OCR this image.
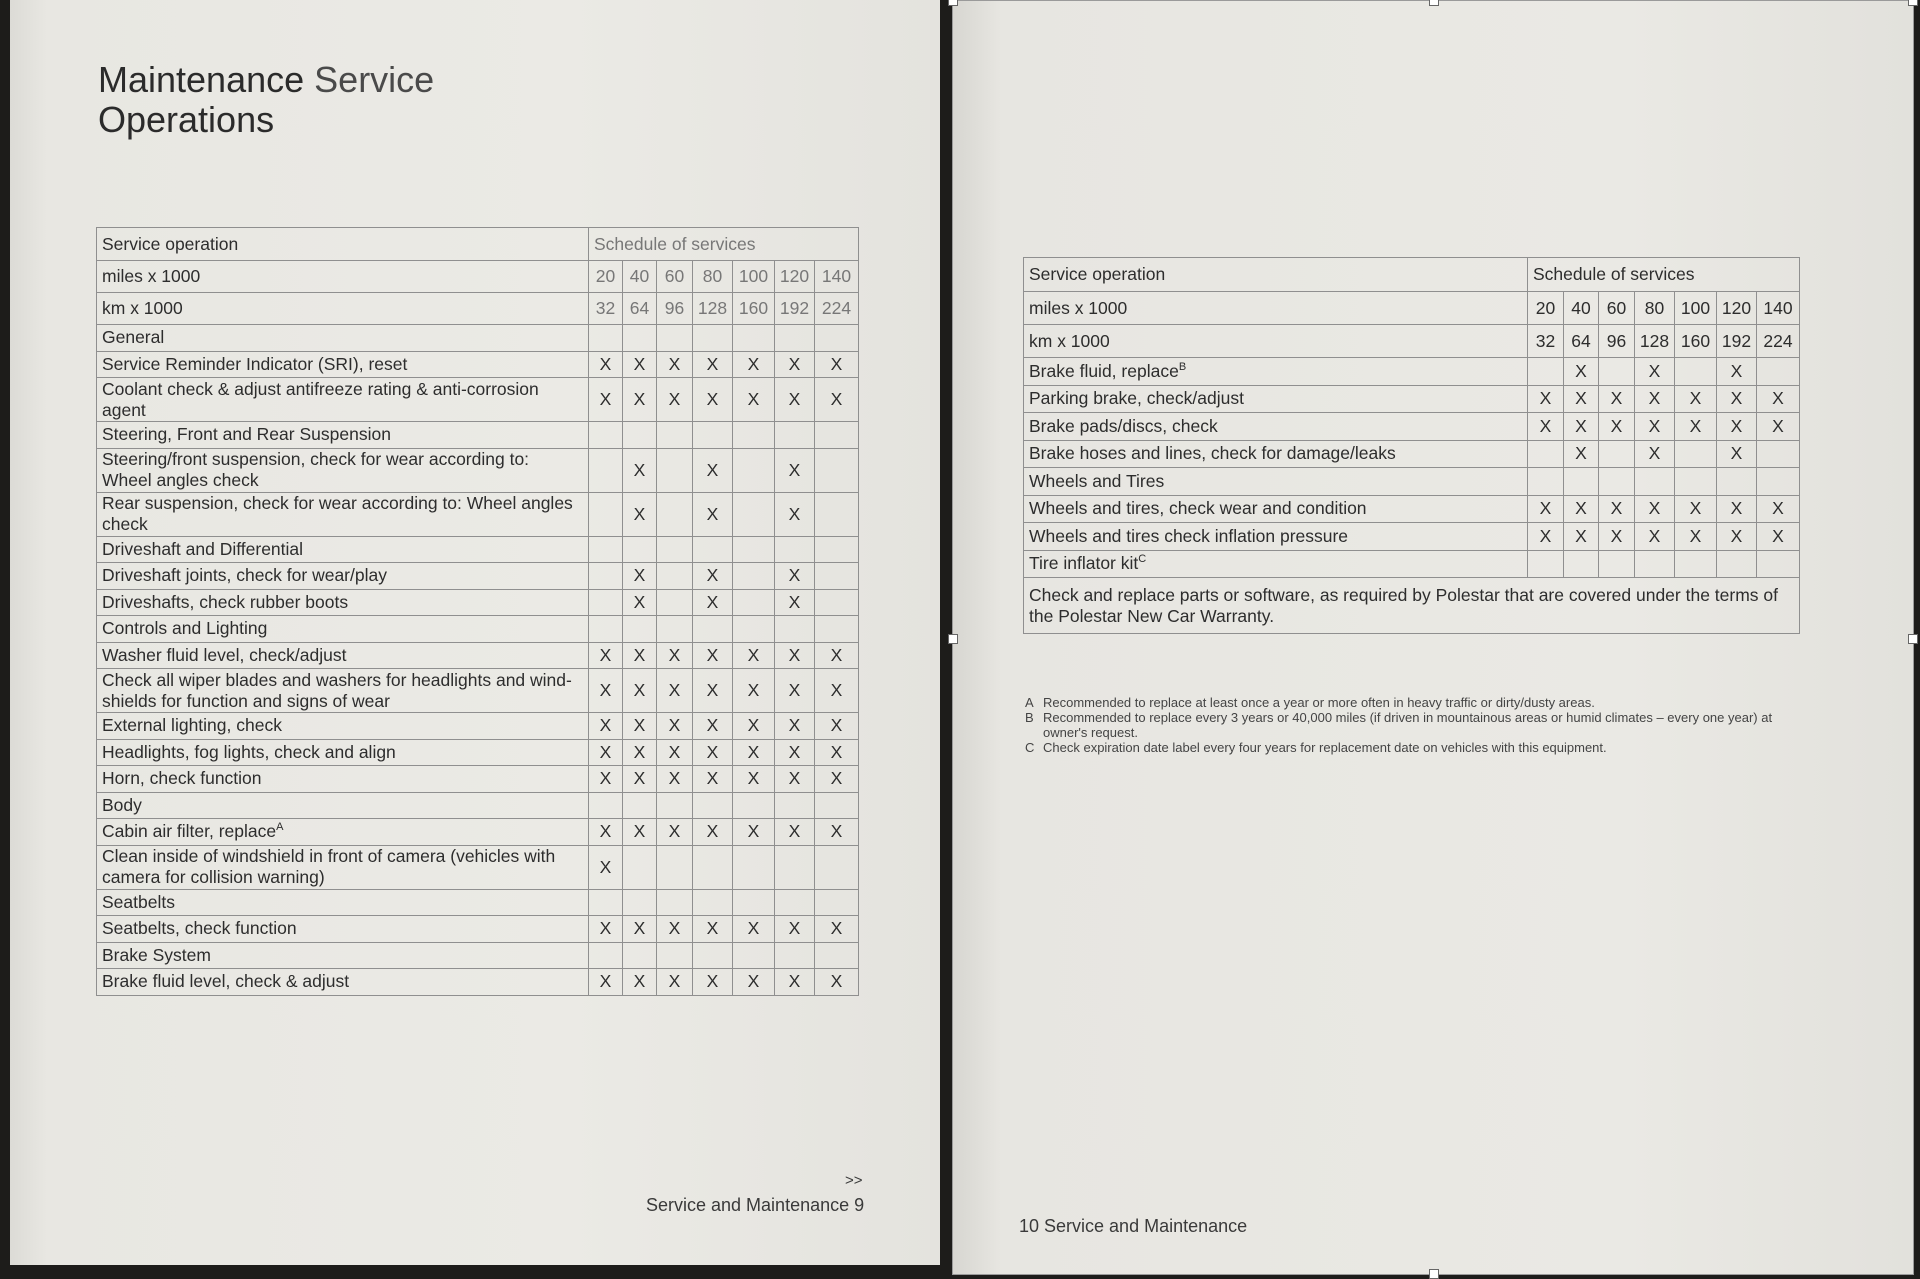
Maintenance Service
Operations
Service operation	Schedule of services						
miles x 1000	20	40	60	80	100	120	140
km x 1000	32	64	96	128	160	192	224
General							
Service Reminder Indicator (SRI), reset	X	X	X	X	X	X	X
Coolant check & adjust antifreeze rating & anti-corrosion agent	X	X	X	X	X	X	X
Steering, Front and Rear Suspension							
Steering/front suspension, check for wear according to: Wheel angles check		X		X		X	
Rear suspension, check for wear according to: Wheel angles check		X		X		X	
Driveshaft and Differential							
Driveshaft joints, check for wear/play		X		X		X	
Driveshafts, check rubber boots		X		X		X	
Controls and Lighting							
Washer fluid level, check/adjust	X	X	X	X	X	X	X
Check all wiper blades and washers for headlights and wind-shields for function and signs of wear	X	X	X	X	X	X	X
External lighting, check	X	X	X	X	X	X	X
Headlights, fog lights, check and align	X	X	X	X	X	X	X
Horn, check function	X	X	X	X	X	X	X
Body							
Cabin air filter, replace$^A$	X	X	X	X	X	X	X
Clean inside of windshield in front of camera (vehicles with camera for collision warning)	X						
Seatbelts							
Seatbelts, check function	X	X	X	X	X	X	X
Brake System							
Brake fluid level, check & adjust	X	X	X	X	X	X	X
>>
Service and Maintenance 9
Service operation	Schedule of services						
miles x 1000	20	40	60	80	100	120	140
km x 1000	32	64	96	128	160	192	224
Brake fluid, replace$^B$		X		X		X	
Parking brake, check/adjust	X	X	X	X	X	X	X
Brake pads/discs, check	X	X	X	X	X	X	X
Brake hoses and lines, check for damage/leaks		X		X		X	
Wheels and Tires							
Wheels and tires, check wear and condition	X	X	X	X	X	X	X
Wheels and tires check inflation pressure	X	X	X	X	X	X	X
Tire inflator kit$^C$							
Check and replace parts or software, as required by Polestar that are covered under the terms of the Polestar New Car Warranty.							
A Recommended to replace at least once a year or more often in heavy traffic or dirty/dusty areas.
B Recommended to replace every 3 years or 40,000 miles (if driven in mountainous areas or humid climates – every one year) at owner's request.
C Check expiration date label every four years for replacement date on vehicles with this equipment.
10 Service and Maintenance
